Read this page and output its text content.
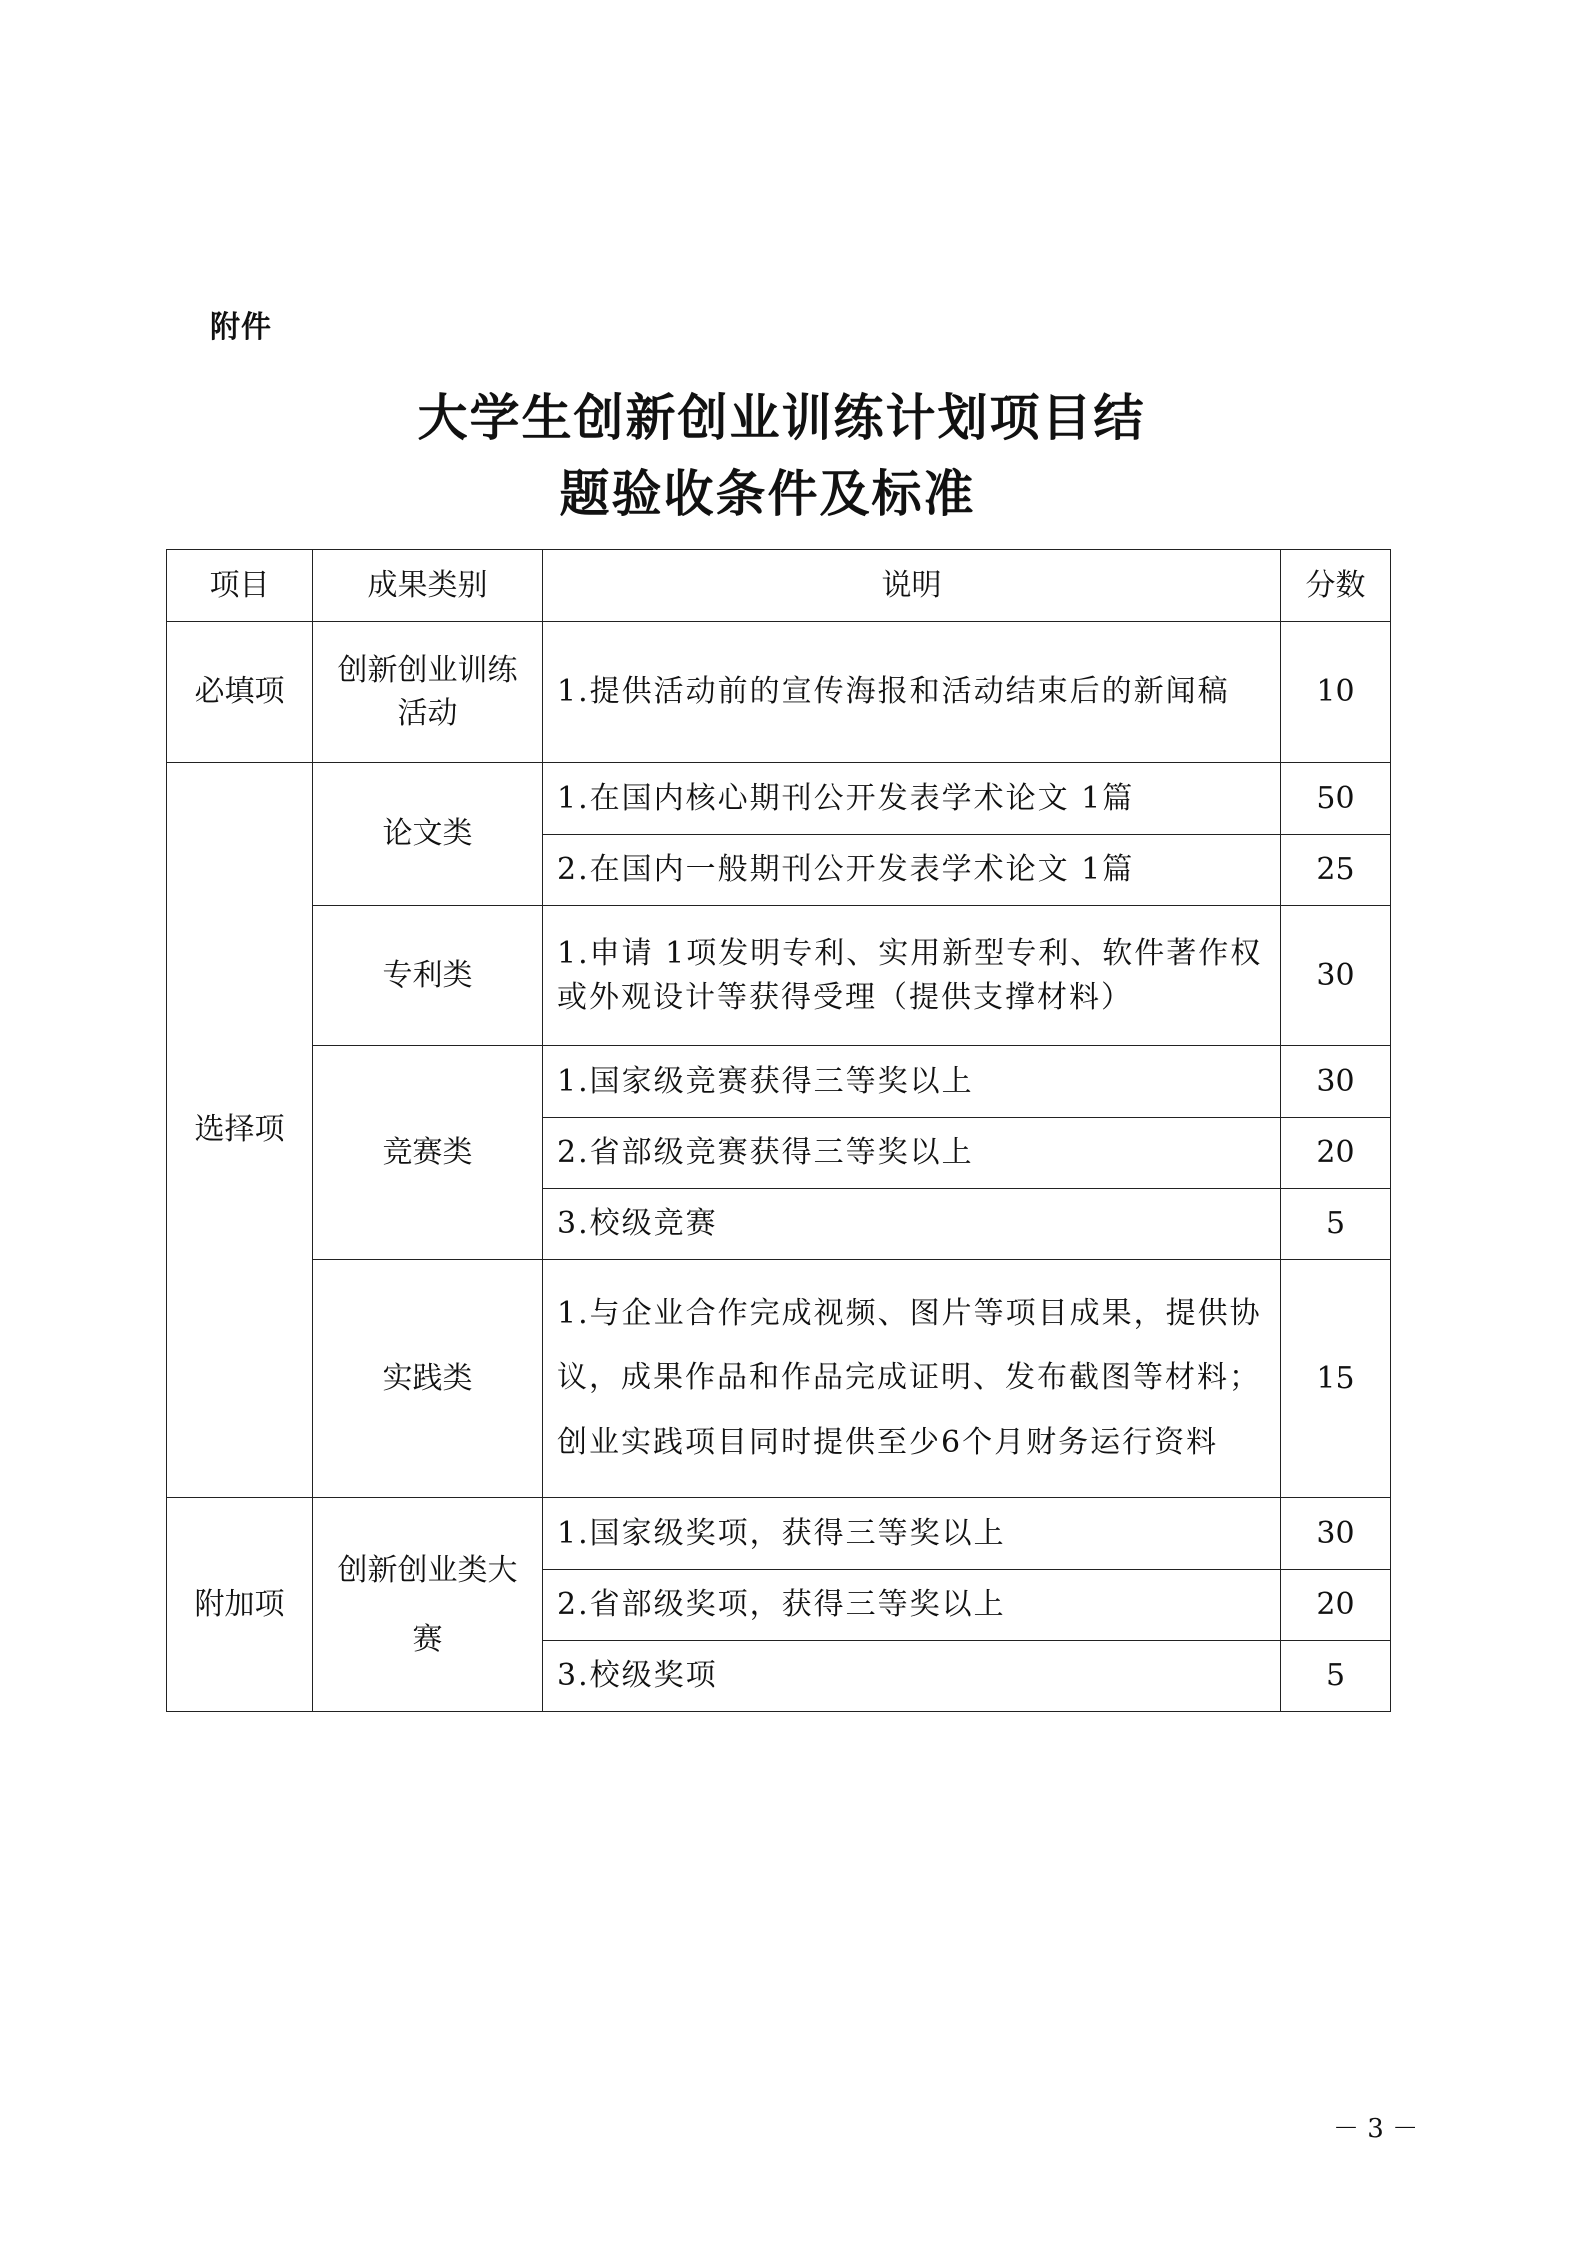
附件
大学生创新创业训练计划项目结
题验收条件及标准
项目	成果类别	说明	分数
必填项	创新创业训练活动	1.提供活动前的宣传海报和活动结束后的新闻稿	10
选择项	论文类	1.在国内核心期刊公开发表学术论文 1篇	50
		2.在国内一般期刊公开发表学术论文 1篇	25
	专利类	1.申请 1项发明专利、实用新型专利、软件著作权或外观设计等获得受理（提供支撑材料）	30
	竞赛类	1.国家级竞赛获得三等奖以上	30
		2.省部级竞赛获得三等奖以上	20
		3.校级竞赛	5
	实践类	1.与企业合作完成视频、图片等项目成果，提供协议，成果作品和作品完成证明、发布截图等材料；创业实践项目同时提供至少6个月财务运行资料	15
附加项	创新创业类大赛	1.国家级奖项，获得三等奖以上	30
		2.省部级奖项，获得三等奖以上	20
		3.校级奖项	5
－ 3 －
